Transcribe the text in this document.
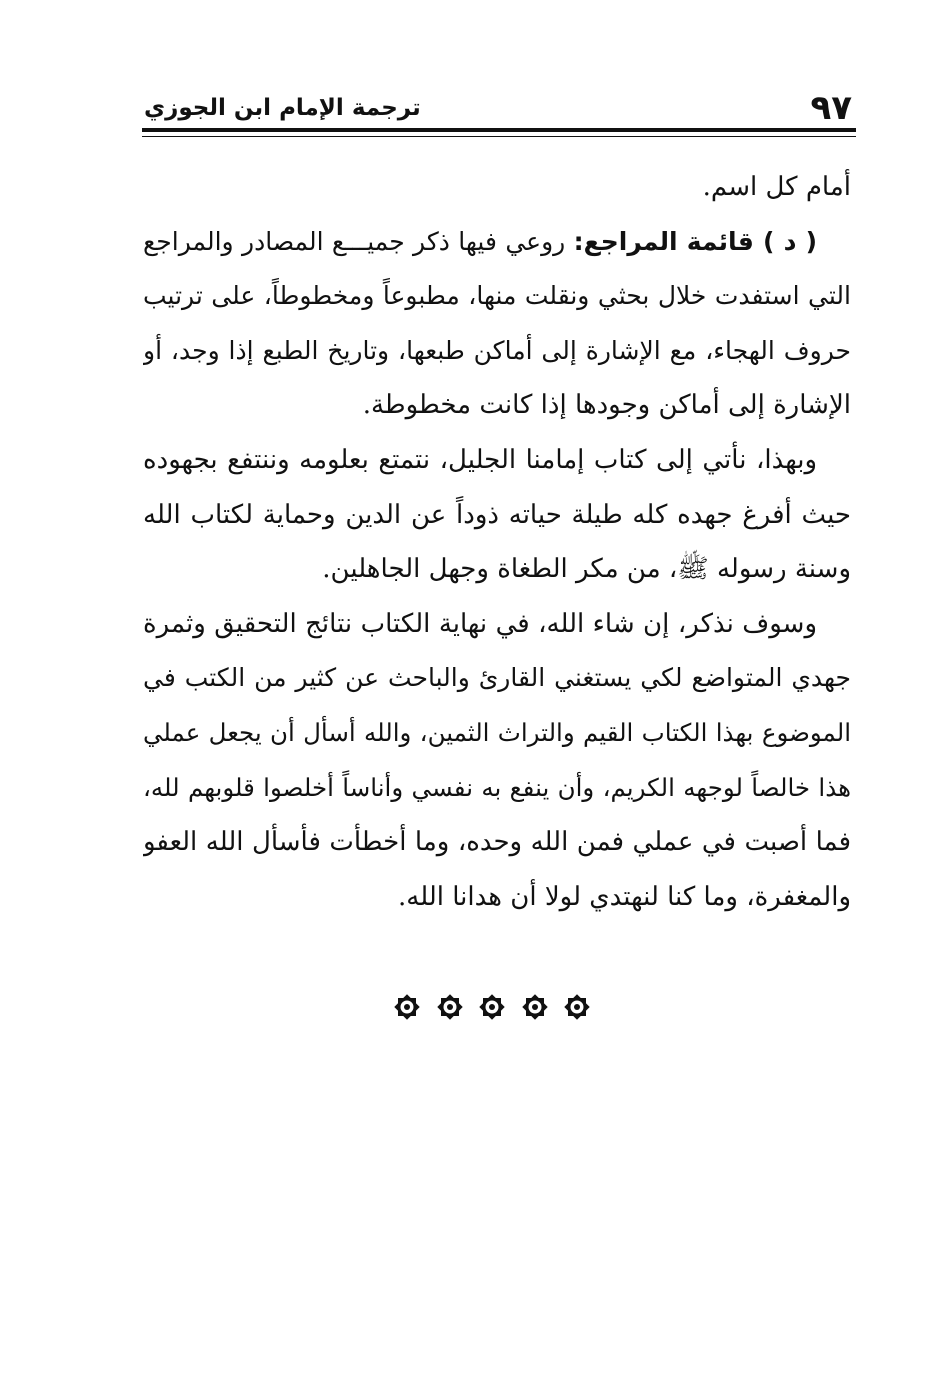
٩٧
ترجمة الإمام ابن الجوزي
أمام كل اسم.
( د ) قائمة المراجع: روعي فيها ذكر جميـــع المصادر والمراجع
التي استفدت خلال بحثي ونقلت منها، مطبوعاً ومخطوطاً، على ترتيب
حروف الهجاء، مع الإشارة إلى أماكن طبعها، وتاريخ الطبع إذا وجد، أو
الإشارة إلى أماكن وجودها إذا كانت مخطوطة.
وبهذا، نأتي إلى كتاب إمامنا الجليل، نتمتع بعلومه وننتفع بجهوده
حيث أفرغ جهده كله طيلة حياته ذوداً عن الدين وحماية لكتاب الله
وسنة رسوله ﷺ، من مكر الطغاة وجهل الجاهلين.
وسوف نذكر، إن شاء الله، في نهاية الكتاب نتائج التحقيق وثمرة
جهدي المتواضع لكي يستغني القارئ والباحث عن كثير من الكتب في
الموضوع بهذا الكتاب القيم والتراث الثمين، والله أسأل أن يجعل عملي
هذا خالصاً لوجهه الكريم، وأن ينفع به نفسي وأناساً أخلصوا قلوبهم لله،
فما أصبت في عملي فمن الله وحده، وما أخطأت فأسأل الله العفو
والمغفرة، وما كنا لنهتدي لولا أن هدانا الله.
